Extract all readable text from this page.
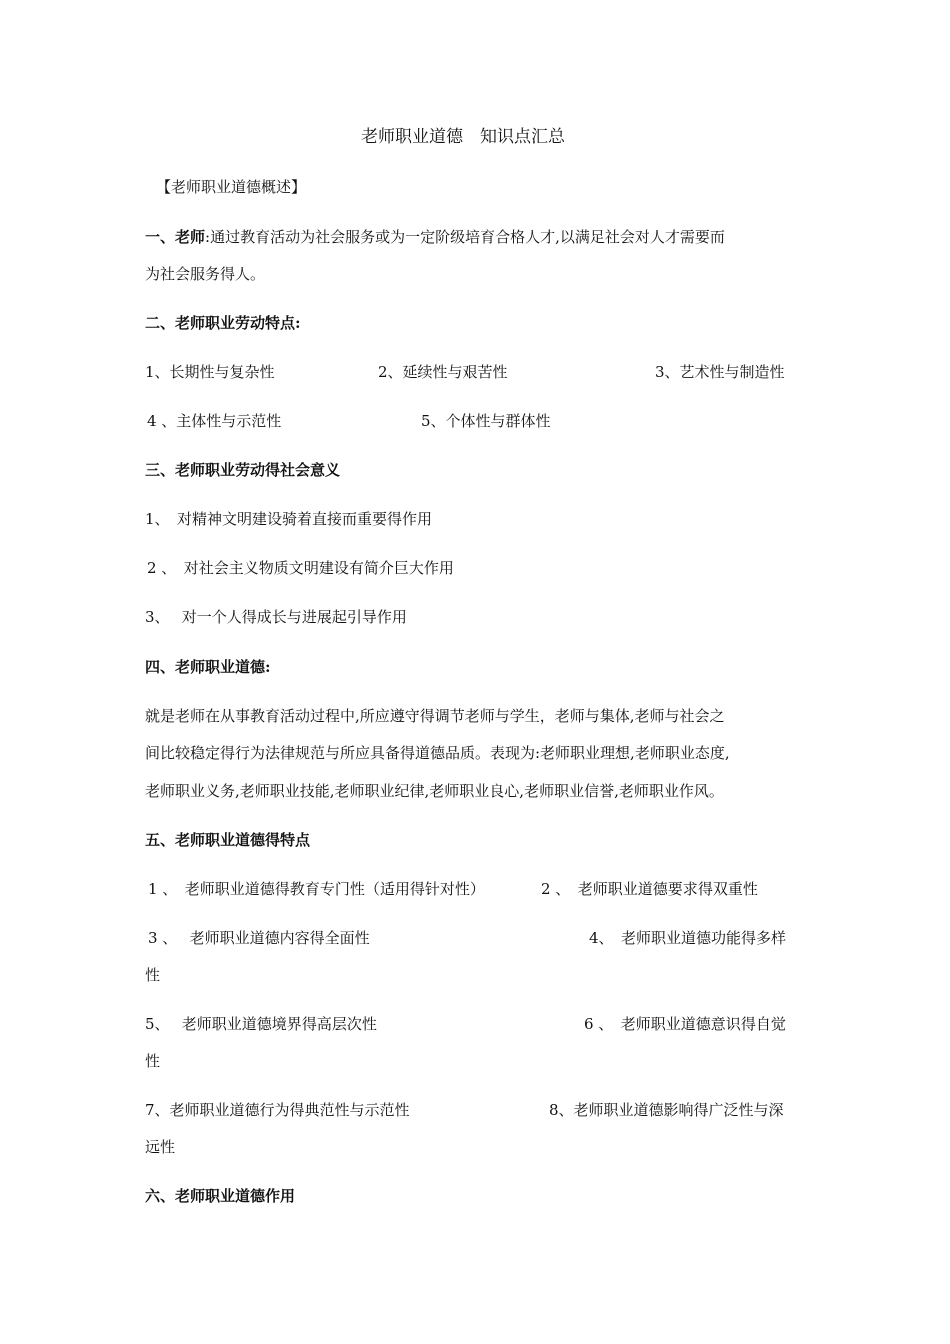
老师职业道德　知识点汇总
【老师职业道德概述】
一、老师:通过教育活动为社会服务或为一定阶级培育合格人才,以满足社会对人才需要而
为社会服务得人。
二、老师职业劳动特点:
1、长期性与复杂性	2、延续性与艰苦性	3、艺术性与制造性
4 、主体性与示范性	5、个体性与群体性
三、老师职业劳动得社会意义
1、　对精神文明建设骑着直接而重要得作用
2 、　对社会主义物质文明建设有简介巨大作用
3、　 对一个人得成长与进展起引导作用
四、老师职业道德:
就是老师在从事教育活动过程中,所应遵守得调节老师与学生，老师与集体,老师与社会之
间比较稳定得行为法律规范与所应具备得道德品质。表现为:老师职业理想,老师职业态度,
老师职业义务,老师职业技能,老师职业纪律,老师职业良心,老师职业信誉,老师职业作风。
五、老师职业道德得特点
1 、　老师职业道德得教育专门性（适用得针对性）	2 、　老师职业道德要求得双重性
3 、　 老师职业道德内容得全面性	4、　老师职业道德功能得多样
性
5、　 老师职业道德境界得高层次性	6 、　老师职业道德意识得自觉
性
7、老师职业道德行为得典范性与示范性	8、老师职业道德影响得广泛性与深
远性
六、老师职业道德作用
